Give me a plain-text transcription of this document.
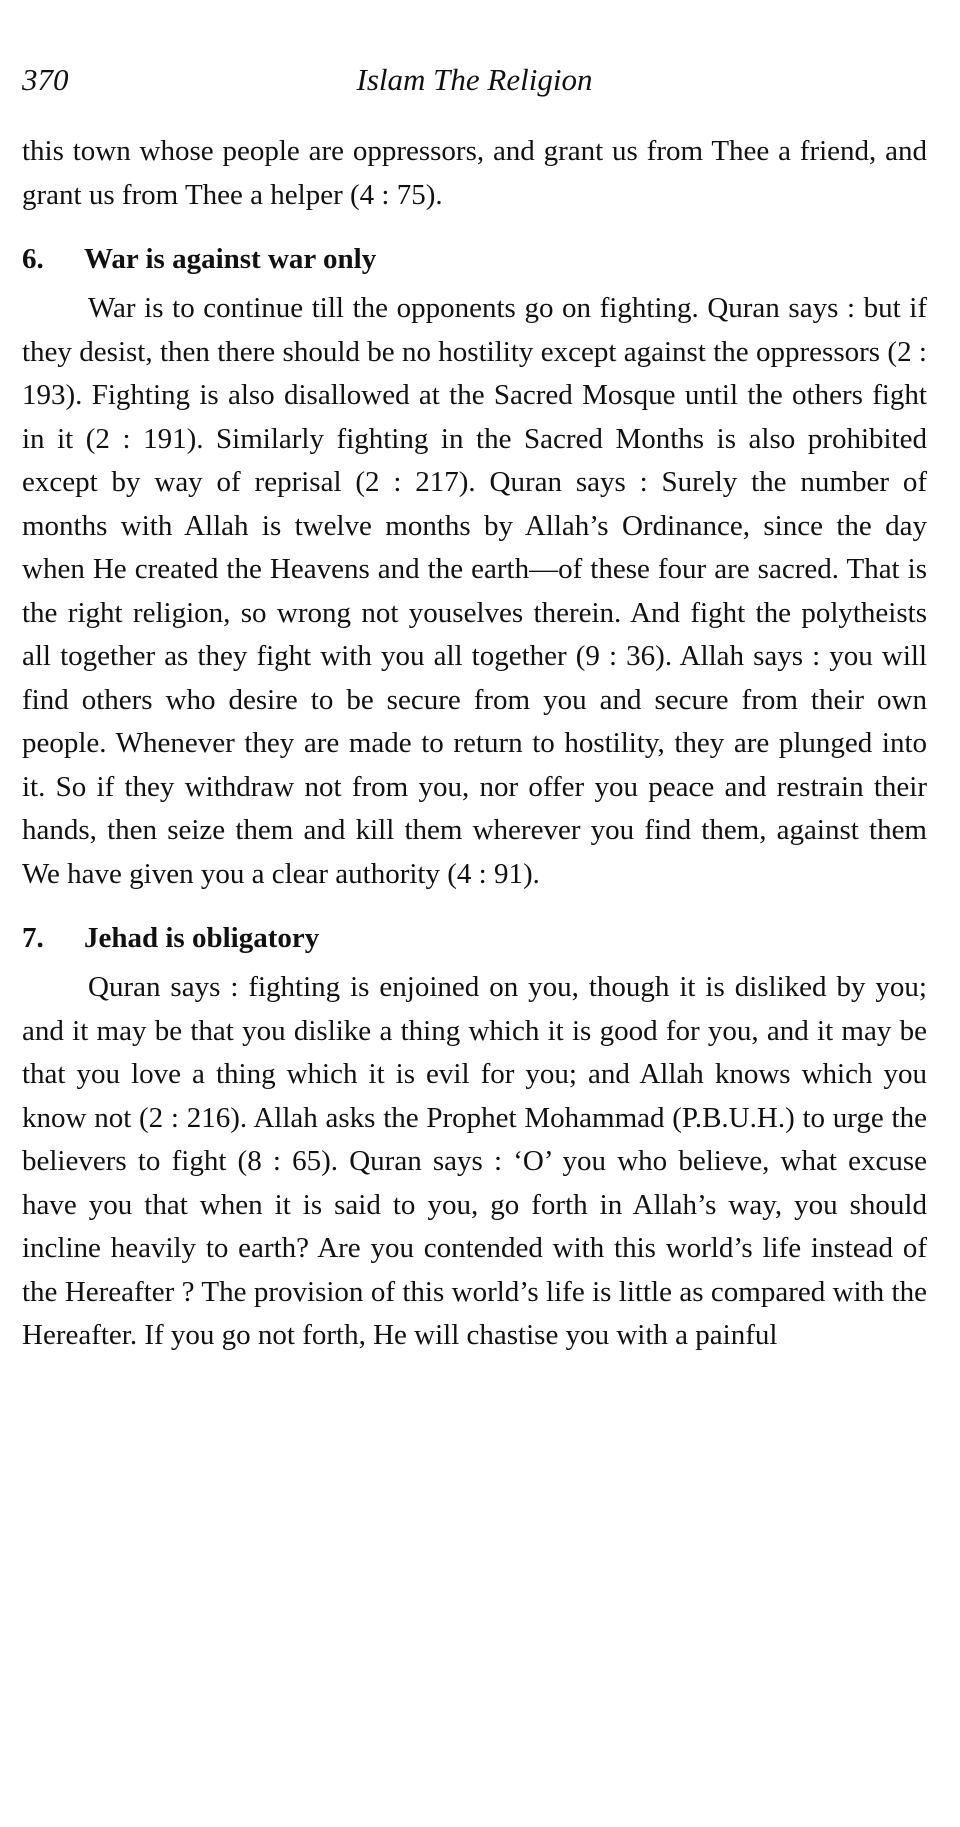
370	Islam The Religion

this town whose people are oppressors, and grant us from Thee a friend, and grant us from Thee a helper (4 : 75).

6. War is against war only

War is to continue till the opponents go on fighting. Quran says : but if they desist, then there should be no hostility except against the oppressors (2 : 193). Fighting is also disallowed at the Sacred Mosque until the others fight in it (2 : 191). Similarly fighting in the Sacred Months is also prohibited except by way of reprisal (2 : 217). Quran says : Surely the number of months with Allah is twelve months by Allah’s Ordinance, since the day when He created the Heavens and the earth—of these four are sacred. That is the right religion, so wrong not youselves therein. And fight the polytheists all together as they fight with you all together (9 : 36). Allah says : you will find others who desire to be secure from you and secure from their own people. Whenever they are made to return to hostility, they are plunged into it. So if they withdraw not from you, nor offer you peace and restrain their hands, then seize them and kill them wherever you find them, against them We have given you a clear authority (4 : 91).

7. Jehad is obligatory

Quran says : fighting is enjoined on you, though it is disliked by you; and it may be that you dislike a thing which it is good for you, and it may be that you love a thing which it is evil for you; and Allah knows which you know not (2 : 216). Allah asks the Prophet Mohammad (P.B.U.H.) to urge the believers to fight (8 : 65). Quran says : ‘O’ you who believe, what excuse have you that when it is said to you, go forth in Allah’s way, you should incline heavily to earth? Are you contended with this world’s life instead of the Hereafter ? The provision of this world’s life is little as compared with the Hereafter. If you go not forth, He will chastise you with a painful
